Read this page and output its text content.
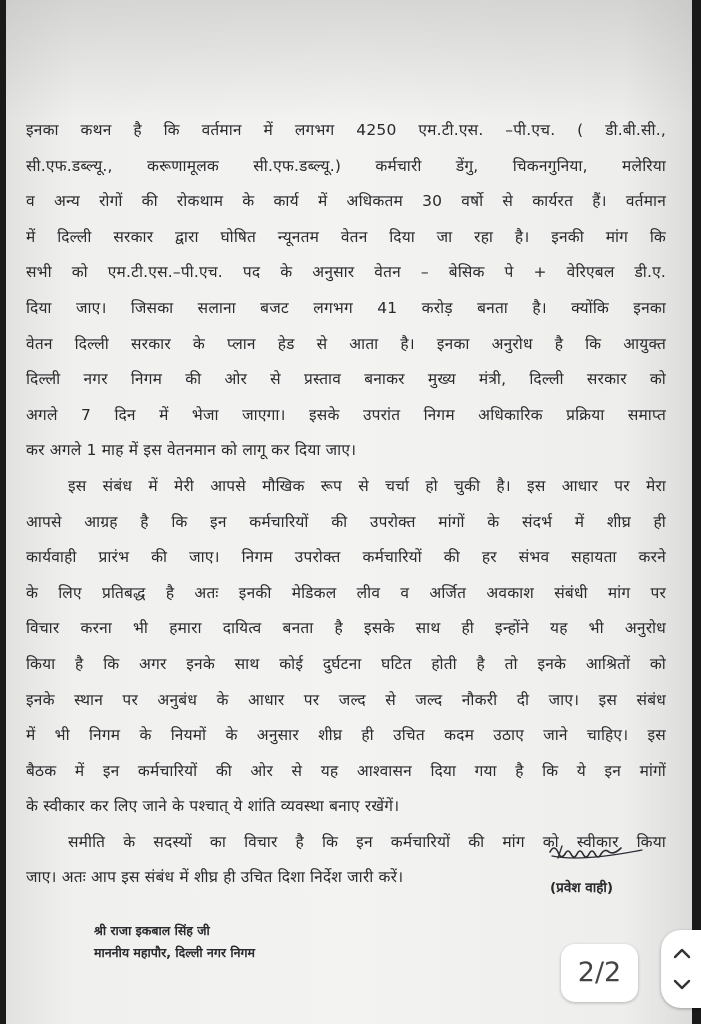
इनका कथन है कि वर्तमान में लगभग 4250 एम.टी.एस. –पी.एच. ( डी.बी.सी.,
सी.एफ.डब्ल्यू., करूणामूलक सी.एफ.डब्ल्यू.) कर्मचारी डेंगु, चिकनगुनिया, मलेरिया
व अन्य रोगों की रोकथाम के कार्य में अधिकतम 30 वर्षो से कार्यरत हैं। वर्तमान
में दिल्ली सरकार द्वारा घोषित न्यूनतम वेतन दिया जा रहा है। इनकी मांग कि
सभी को एम.टी.एस.–पी.एच. पद के अनुसार वेतन – बेसिक पे + वेरिएबल डी.ए.
दिया जाए। जिसका सलाना बजट लगभग 41 करोड़ बनता है। क्योंकि इनका
वेतन दिल्ली सरकार के प्लान हेड से आता है। इनका अनुरोध है कि आयुक्त
दिल्ली नगर निगम की ओर से प्रस्ताव बनाकर मुख्य मंत्री, दिल्ली सरकार को
अगले 7 दिन में भेजा जाएगा। इसके उपरांत निगम अधिकारिक प्रक्रिया समाप्त
कर अगले 1 माह में इस वेतनमान को लागू कर दिया जाए।
इस संबंध में मेरी आपसे मौखिक रूप से चर्चा हो चुकी है। इस आधार पर मेरा
आपसे आग्रह है कि इन कर्मचारियों की उपरोक्त मांगों के संदर्भ में शीघ्र ही
कार्यवाही प्रारंभ की जाए। निगम उपरोक्त कर्मचारियों की हर संभव सहायता करने
के लिए प्रतिबद्ध है अतः इनकी मेडिकल लीव व अर्जित अवकाश संबंधी मांग पर
विचार करना भी हमारा दायित्व बनता है इसके साथ ही इन्होंने यह भी अनुरोध
किया है कि अगर इनके साथ कोई दुर्घटना घटित होती है तो इनके आश्रितों को
इनके स्थान पर अनुबंध के आधार पर जल्द से जल्द नौकरी दी जाए। इस संबंध
में भी निगम के नियमों के अनुसार शीघ्र ही उचित कदम उठाए जाने चाहिए। इस
बैठक में इन कर्मचारियों की ओर से यह आश्वासन दिया गया है कि ये इन मांगों
के स्वीकार कर लिए जाने के पश्चात् ये शांति व्यवस्था बनाए रखेंगें।
समीति के सदस्यों का विचार है कि इन कर्मचारियों की मांग को स्वीकार किया
जाए। अतः आप इस संबंध में शीघ्र ही उचित दिशा निर्देश जारी करें।
(प्रवेश वाही)
श्री राजा इकबाल सिंह जी
माननीय महापौर, दिल्ली नगर निगम
2/2
